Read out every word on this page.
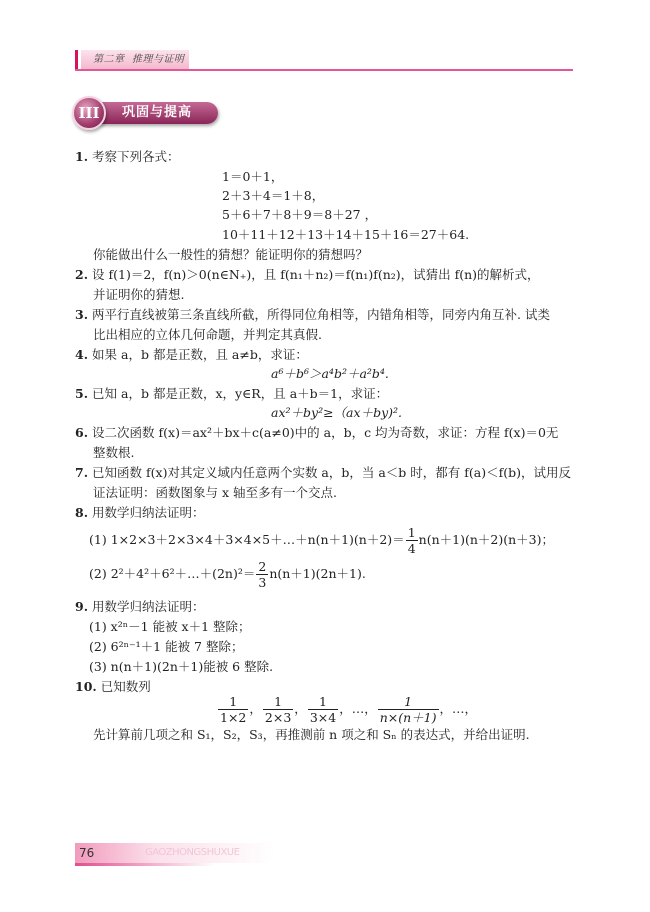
第二章 推理与证明
巩固与提高
III
1. 考察下列各式：
1＝0＋1，
2＋3＋4＝1＋8，
5＋6＋7＋8＋9＝8＋27 ，
10＋11＋12＋13＋14＋15＋16＝27＋64.
你能做出什么一般性的猜想？能证明你的猜想吗？
2. 设 f(1)＝2，f(n)＞0(n∈N₊)，且 f(n₁＋n₂)＝f(n₁)f(n₂)，试猜出 f(n)的解析式，
并证明你的猜想.
3. 两平行直线被第三条直线所截，所得同位角相等，内错角相等，同旁内角互补. 试类
比出相应的立体几何命题，并判定其真假.
4. 如果 a，b 都是正数，且 a≠b，求证：
a⁶＋b⁶＞a⁴b²＋a²b⁴.
5. 已知 a，b 都是正数，x，y∈R，且 a＋b＝1，求证：
ax²＋by²≥（ax＋by)².
6. 设二次函数 f(x)＝ax²＋bx＋c(a≠0)中的 a，b，c 均为奇数，求证：方程 f(x)＝0无
整数根.
7. 已知函数 f(x)对其定义域内任意两个实数 a，b，当 a＜b 时，都有 f(a)＜f(b)，试用反
证法证明：函数图象与 x 轴至多有一个交点.
8. 用数学归纳法证明：
(1) 1×2×3＋2×3×4＋3×4×5＋…＋n(n＋1)(n＋2)＝ $\frac{1}{4} n(n+1)(n+2)(n+3)$；
(2) 2²＋4²＋6²＋…＋(2n)²＝ $\frac{2}{3} n(n+1)(2n+1)$.
9. 用数学归纳法证明：
(1) x²ⁿ－1 能被 x＋1 整除；
(2) 6²ⁿ⁻¹＋1 能被 7 整除；
(3) n(n＋1)(2n＋1)能被 6 整除.
10. 已知数列
$\frac{1}{1\times 2}$ ， $\frac{1}{2\times 3}$ ， $\frac{1}{3\times 4}$ ，…， $\frac{1}{n\times(n+1)}$ ，…，
先计算前几项之和 S₁，S₂，S₃，再推测前 n 项之和 Sₙ 的表达式，并给出证明.
76	GAOZHONGSHUXUE
